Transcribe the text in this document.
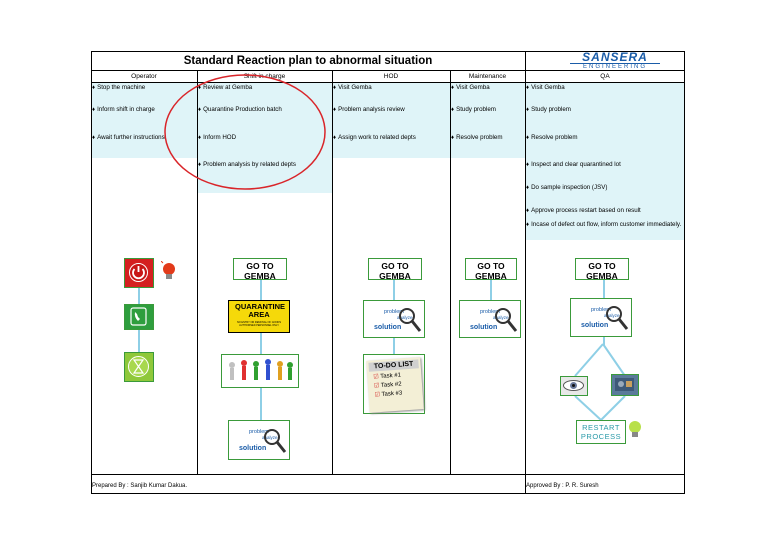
Standard Reaction plan to abnormal situation	SANSERA
ENGINEERING
Operator	Shift in charge	HOD	Maintenance	QA
♦ Stop the machine
♦ Inform shift in charge
♦ Await further instructions
♦ Review at Gemba
♦ Quarantine Production batch
♦ Inform HOD
♦ Problem analysis by related depts
♦ Visit Gemba
♦ Problem analysis review
♦ Assign work to related depts
♦ Visit Gemba
♦ Study problem
♦ Resolve problem
♦ Visit Gemba
♦ Study problem
♦ Resolve problem
♦ Inspect and clear quarantined lot
♦ Do sample inspection (JSV)
♦ Approve process restart based on result
♦ Incase of defect out flow, inform customer immediately.
GO TO GEMBA
QUARANTINE AREA
NO ENTRY OR REMOVAL OF GOODS AUTHORISED PERSONNEL ONLY
problem
analyze
solution
GO TO GEMBA
problem
analyze
solution
TO-DO LIST
☑ Task #1
☑ Task #2
☑ Task #3
GO TO GEMBA
problem
analyze
solution
GO TO GEMBA
problem
analyze
solution
RESTART PROCESS
Prepared By : Sanjib Kumar Dakua.	Approved By : P. R. Suresh
